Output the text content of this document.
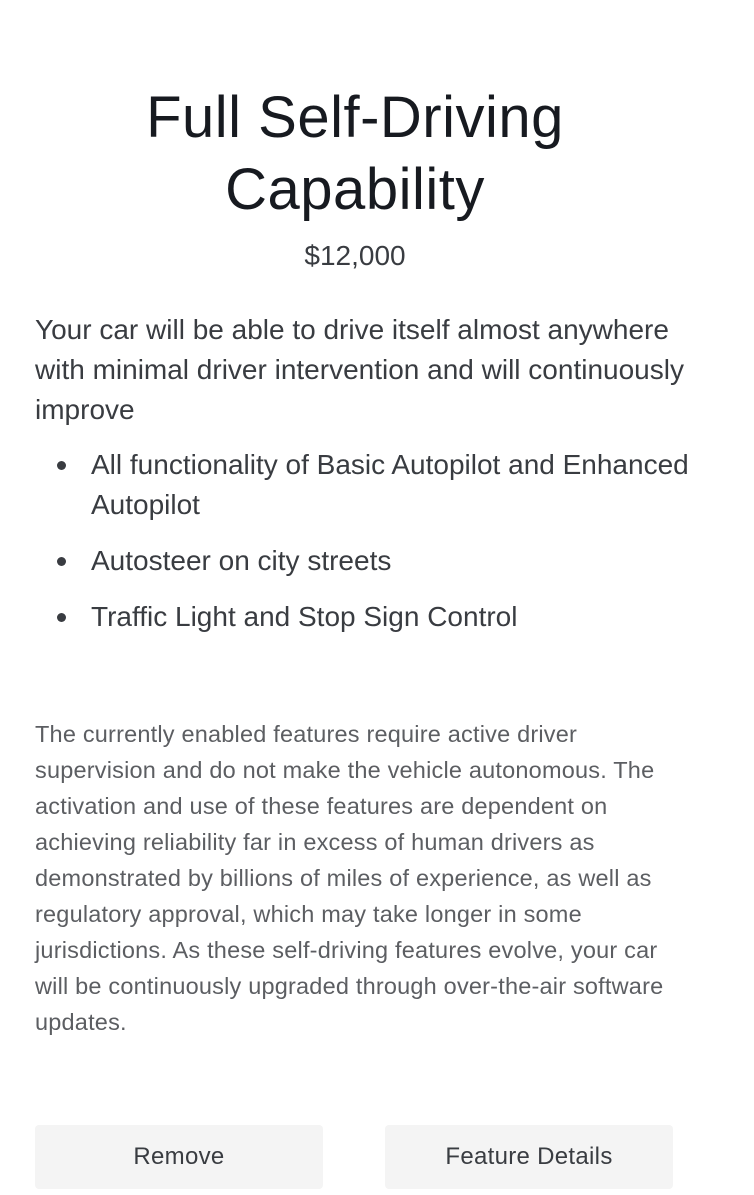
Full Self-Driving
Capability
$12,000

Your car will be able to drive itself almost anywhere with minimal driver intervention and will continuously improve

All functionality of Basic Autopilot and Enhanced Autopilot
Autosteer on city streets
Traffic Light and Stop Sign Control

The currently enabled features require active driver supervision and do not make the vehicle autonomous. The activation and use of these features are dependent on achieving reliability far in excess of human drivers as demonstrated by billions of miles of experience, as well as regulatory approval, which may take longer in some jurisdictions. As these self-driving features evolve, your car will be continuously upgraded through over-the-air software updates.

Remove	Feature Details
